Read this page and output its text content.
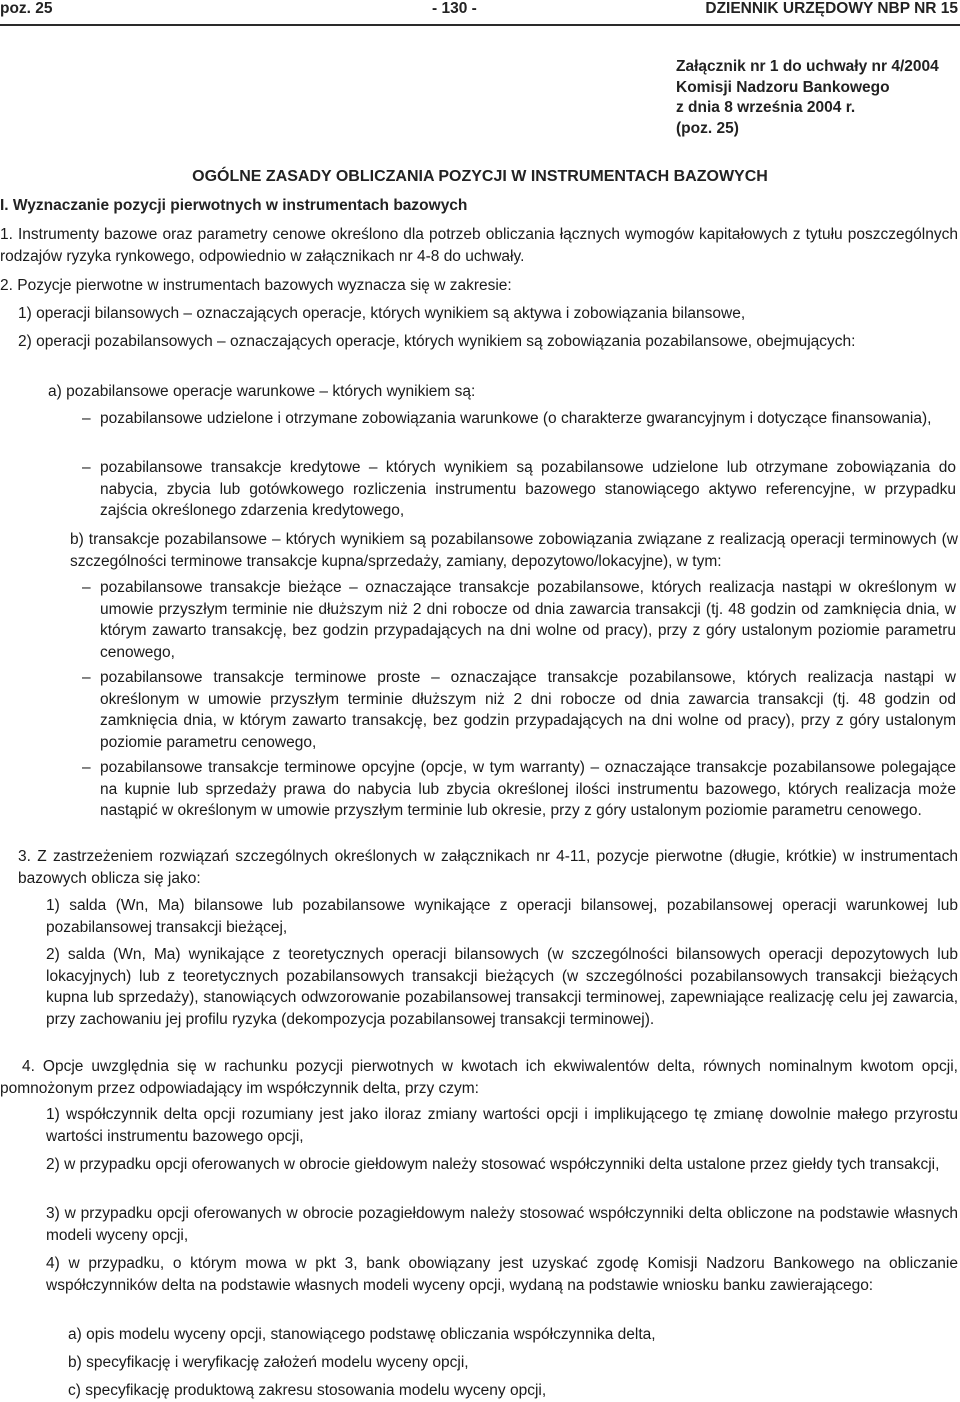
poz. 25	- 130 -	DZIENNIK URZĘDOWY NBP NR 15
Załącznik nr 1 do uchwały nr 4/2004
Komisji Nadzoru Bankowego
z dnia 8 września 2004 r.
(poz. 25)
OGÓLNE ZASADY OBLICZANIA POZYCJI W INSTRUMENTACH BAZOWYCH
I. Wyznaczanie pozycji pierwotnych w instrumentach bazowych
1. Instrumenty bazowe oraz parametry cenowe określono dla potrzeb obliczania łącznych wymogów kapitałowych z tytułu poszczególnych rodzajów ryzyka rynkowego, odpowiednio w załącznikach nr 4-8 do uchwały.
2. Pozycje pierwotne w instrumentach bazowych wyznacza się w zakresie:
1) operacji bilansowych – oznaczających operacje, których wynikiem są aktywa i zobowiązania bilansowe,
2) operacji pozabilansowych – oznaczających operacje, których wynikiem są zobowiązania pozabilansowe, obejmujących:
a) pozabilansowe operacje warunkowe – których wynikiem są:
– pozabilansowe udzielone i otrzymane zobowiązania warunkowe (o charakterze gwarancyjnym i dotyczące finansowania),
– pozabilansowe transakcje kredytowe – których wynikiem są pozabilansowe udzielone lub otrzymane zobowiązania do nabycia, zbycia lub gotówkowego rozliczenia instrumentu bazowego stanowiącego aktywo referencyjne, w przypadku zajścia określonego zdarzenia kredytowego,
b) transakcje pozabilansowe – których wynikiem są pozabilansowe zobowiązania związane z realizacją operacji terminowych (w szczególności terminowe transakcje kupna/sprzedaży, zamiany, depozytowo/lokacyjne), w tym:
– pozabilansowe transakcje bieżące – oznaczające transakcje pozabilansowe, których realizacja nastąpi w określonym w umowie przyszłym terminie nie dłuższym niż 2 dni robocze od dnia zawarcia transakcji (tj. 48 godzin od zamknięcia dnia, w którym zawarto transakcję, bez godzin przypadających na dni wolne od pracy), przy z góry ustalonym poziomie parametru cenowego,
– pozabilansowe transakcje terminowe proste – oznaczające transakcje pozabilansowe, których realizacja nastąpi w określonym w umowie przyszłym terminie dłuższym niż 2 dni robocze od dnia zawarcia transakcji (tj. 48 godzin od zamknięcia dnia, w którym zawarto transakcję, bez godzin przypadających na dni wolne od pracy), przy z góry ustalonym poziomie parametru cenowego,
– pozabilansowe transakcje terminowe opcyjne (opcje, w tym warranty) – oznaczające transakcje pozabilansowe polegające na kupnie lub sprzedaży prawa do nabycia lub zbycia określonej ilości instrumentu bazowego, których realizacja może nastąpić w określonym w umowie przyszłym terminie lub okresie, przy z góry ustalonym poziomie parametru cenowego.
3. Z zastrzeżeniem rozwiązań szczególnych określonych w załącznikach nr 4-11, pozycje pierwotne (długie, krótkie) w instrumentach bazowych oblicza się jako:
1) salda (Wn, Ma) bilansowe lub pozabilansowe wynikające z operacji bilansowej, pozabilansowej operacji warunkowej lub pozabilansowej transakcji bieżącej,
2) salda (Wn, Ma) wynikające z teoretycznych operacji bilansowych (w szczególności bilansowych operacji depozytowych lub lokacyjnych) lub z teoretycznych pozabilansowych transakcji bieżących (w szczególności pozabilansowych transakcji bieżących kupna lub sprzedaży), stanowiących odwzorowanie pozabilansowej transakcji terminowej, zapewniające realizację celu jej zawarcia, przy zachowaniu jej profilu ryzyka (dekompozycja pozabilansowej transakcji terminowej).
4. Opcje uwzględnia się w rachunku pozycji pierwotnych w kwotach ich ekwiwalentów delta, równych nominalnym kwotom opcji, pomnożonym przez odpowiadający im współczynnik delta, przy czym:
1) współczynnik delta opcji rozumiany jest jako iloraz zmiany wartości opcji i implikującego tę zmianę dowolnie małego przyrostu wartości instrumentu bazowego opcji,
2) w przypadku opcji oferowanych w obrocie giełdowym należy stosować współczynniki delta ustalone przez giełdy tych transakcji,
3) w przypadku opcji oferowanych w obrocie pozagiełdowym należy stosować współczynniki delta obliczone na podstawie własnych modeli wyceny opcji,
4) w przypadku, o którym mowa w pkt 3, bank obowiązany jest uzyskać zgodę Komisji Nadzoru Bankowego na obliczanie współczynników delta na podstawie własnych modeli wyceny opcji, wydaną na podstawie wniosku banku zawierającego:
a) opis modelu wyceny opcji, stanowiącego podstawę obliczania współczynnika delta,
b) specyfikację i weryfikację założeń modelu wyceny opcji,
c) specyfikację produktową zakresu stosowania modelu wyceny opcji,
